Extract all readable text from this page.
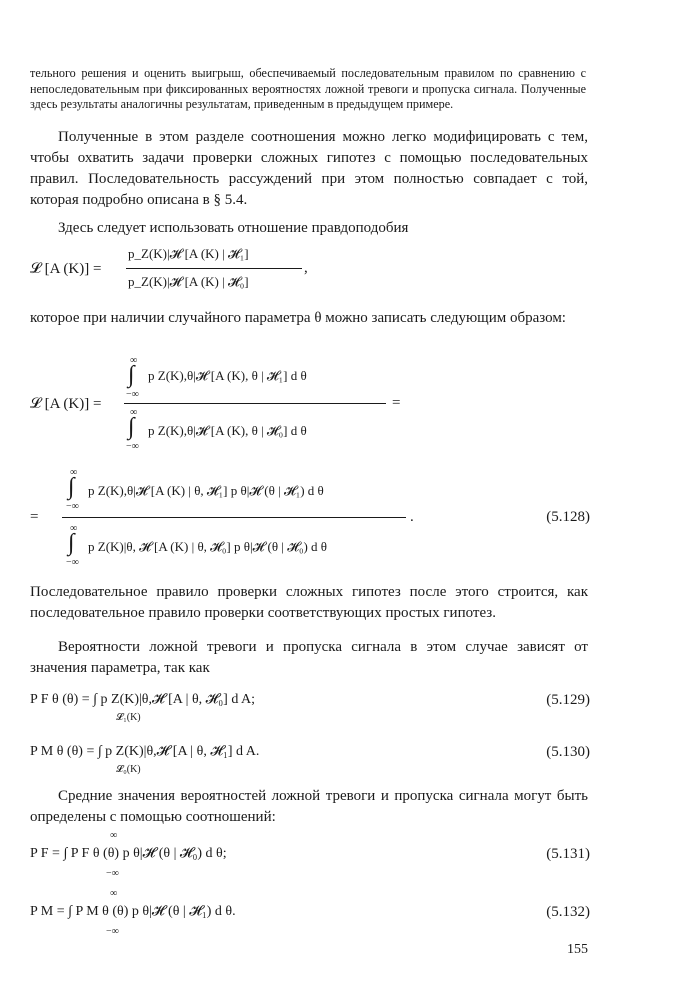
тельного решения и оценить выигрыш, обеспечиваемый последовательным правилом по сравнению с непоследовательным при фиксированных вероятностях ложной тревоги и пропуска сигнала. Полученные здесь результаты аналогичны результатам, приведенным в предыдущем примере.
Полученные в этом разделе соотношения можно легко модифицировать с тем, чтобы охватить задачи проверки сложных гипотез с помощью последовательных правил. Последовательность рассуждений при этом полностью совпадает с той, которая подробно описана в § 5.4.
Здесь следует использовать отношение правдоподобия
𝓛 [A (K)] =
p_Z(K)|𝓗 [A (K) | 𝓗₁]
p_Z(K)|𝓗 [A (K) | 𝓗₀]
,
которое при наличии случайного параметра θ можно записать следующим образом:
𝓛 [A (K)] =
∞
∫
−∞
p Z(K),θ|𝓗 [A (K), θ | 𝓗₁] d θ
∞
∫
−∞
p Z(K),θ|𝓗 [A (K), θ | 𝓗₀] d θ
=
=
∞
∫
−∞
p Z(K),θ|𝓗 [A (K) | θ, 𝓗₁] p θ|𝓗 (θ | 𝓗₁) d θ
∞
∫
−∞
p Z(K)|θ, 𝓗 [A (K) | θ, 𝓗₀] p θ|𝓗 (θ | 𝓗₀) d θ
.	(5.128)
Последовательное правило проверки сложных гипотез после этого строится, как последовательное правило проверки соответствующих простых гипотез.
Вероятности ложной тревоги и пропуска сигнала в этом случае зависят от значения параметра, так как
P F θ (θ) = ∫ p Z(K)|θ,𝓗 [A | θ, 𝓗₀] d A;
𝓛₁(K)
(5.129)
P M θ (θ) = ∫ p Z(K)|θ,𝓗 [A | θ, 𝓗₁] d A.
𝓛₀(K)
(5.130)
Средние значения вероятностей ложной тревоги и пропуска сигнала могут быть определены с помощью соотношений:
∞
P F = ∫ P F θ (θ) p θ|𝓗 (θ | 𝓗₀) d θ;
−∞
(5.131)
∞
P M = ∫ P M θ (θ) p θ|𝓗 (θ | 𝓗₁) d θ.
−∞
(5.132)
155
